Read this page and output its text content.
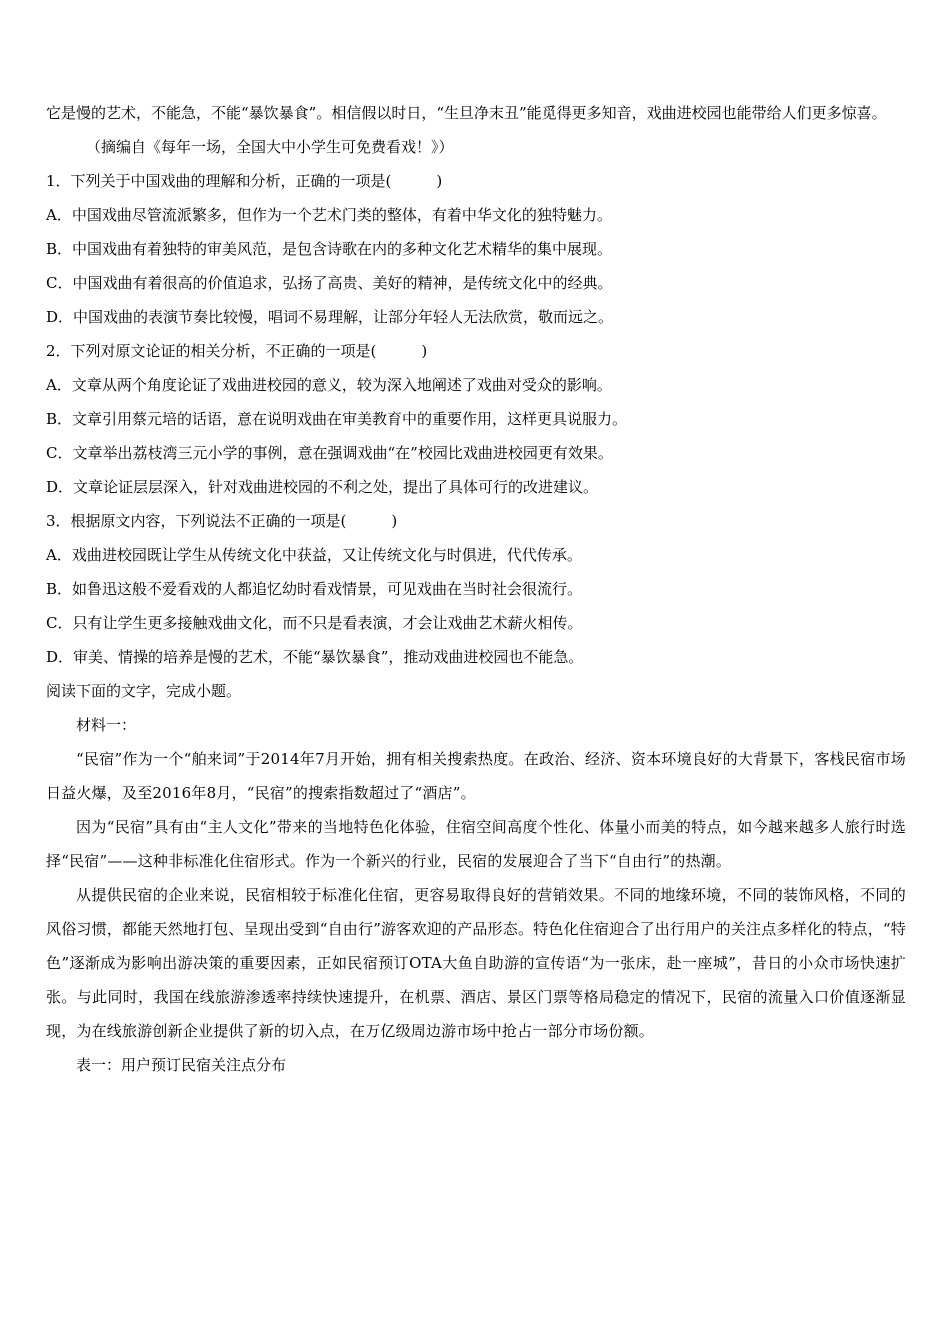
它是慢的艺术，不能急，不能“暴饮暴食”。相信假以时日，“生旦净末丑”能觅得更多知音，戏曲进校园也能带给人们更多惊喜。

（摘编自《每年一场，全国大中小学生可免费看戏！》）

1．下列关于中国戏曲的理解和分析，正确的一项是(　　　)

A．中国戏曲尽管流派繁多，但作为一个艺术门类的整体，有着中华文化的独特魅力。

B．中国戏曲有着独特的审美风范，是包含诗歌在内的多种文化艺术精华的集中展现。

C．中国戏曲有着很高的价值追求，弘扬了高贵、美好的精神，是传统文化中的经典。

D．中国戏曲的表演节奏比较慢，唱词不易理解，让部分年轻人无法欣赏，敬而远之。

2．下列对原文论证的相关分析，不正确的一项是(　　　)

A．文章从两个角度论证了戏曲进校园的意义，较为深入地阐述了戏曲对受众的影响。

B．文章引用蔡元培的话语，意在说明戏曲在审美教育中的重要作用，这样更具说服力。

C．文章举出荔枝湾三元小学的事例，意在强调戏曲“在”校园比戏曲进校园更有效果。

D．文章论证层层深入，针对戏曲进校园的不利之处，提出了具体可行的改进建议。

3．根据原文内容，下列说法不正确的一项是(　　　)

A．戏曲进校园既让学生从传统文化中获益，又让传统文化与时俱进，代代传承。

B．如鲁迅这般不爱看戏的人都追忆幼时看戏情景，可见戏曲在当时社会很流行。

C．只有让学生更多接触戏曲文化，而不只是看表演，才会让戏曲艺术薪火相传。

D．审美、情操的培养是慢的艺术，不能“暴饮暴食”，推动戏曲进校园也不能急。

阅读下面的文字，完成小题。

材料一：

“民宿”作为一个“舶来词”于2014年7月开始，拥有相关搜索热度。在政治、经济、资本环境良好的大背景下，客栈民宿市场日益火爆，及至2016年8月，“民宿”的搜索指数超过了“酒店”。

因为“民宿”具有由“主人文化”带来的当地特色化体验，住宿空间高度个性化、体量小而美的特点，如今越来越多人旅行时选择“民宿”——这种非标准化住宿形式。作为一个新兴的行业，民宿的发展迎合了当下“自由行”的热潮。

从提供民宿的企业来说，民宿相较于标准化住宿，更容易取得良好的营销效果。不同的地缘环境，不同的装饰风格，不同的风俗习惯，都能天然地打包、呈现出受到“自由行”游客欢迎的产品形态。特色化住宿迎合了出行用户的关注点多样化的特点，“特色”逐渐成为影响出游决策的重要因素，正如民宿预订OTA大鱼自助游的宣传语“为一张床，赴一座城”，昔日的小众市场快速扩张。与此同时，我国在线旅游渗透率持续快速提升，在机票、酒店、景区门票等格局稳定的情况下，民宿的流量入口价值逐渐显现，为在线旅游创新企业提供了新的切入点，在万亿级周边游市场中抢占一部分市场份额。

表一：用户预订民宿关注点分布
